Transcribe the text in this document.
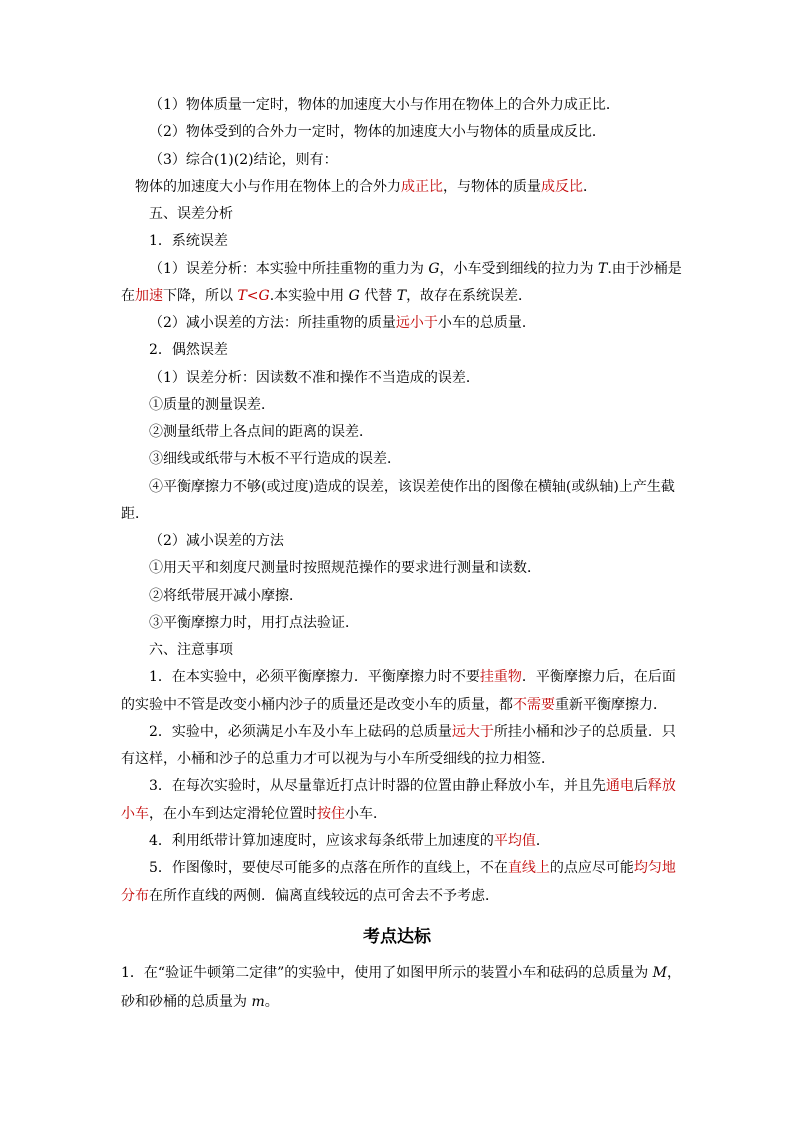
（1）物体质量一定时，物体的加速度大小与作用在物体上的合外力成正比．
（2）物体受到的合外力一定时，物体的加速度大小与物体的质量成反比．
（3）综合(1)(2)结论，则有：
物体的加速度大小与作用在物体上的合外力成正比，与物体的质量成反比．
五、误差分析
1．系统误差
（1）误差分析：本实验中所挂重物的重力为 G，小车受到细线的拉力为 T.由于沙桶是
在加速下降，所以 T<G.本实验中用 G 代替 T，故存在系统误差．
（2）减小误差的方法：所挂重物的质量远小于小车的总质量．
2．偶然误差
（1）误差分析：因读数不准和操作不当造成的误差．
①质量的测量误差．
②测量纸带上各点间的距离的误差．
③细线或纸带与木板不平行造成的误差．
④平衡摩擦力不够(或过度)造成的误差，该误差使作出的图像在横轴(或纵轴)上产生截
距．
（2）减小误差的方法
①用天平和刻度尺测量时按照规范操作的要求进行测量和读数．
②将纸带展开减小摩擦．
③平衡摩擦力时，用打点法验证．
六、注意事项
1．在本实验中，必须平衡摩擦力．平衡摩擦力时不要挂重物．平衡摩擦力后，在后面
的实验中不管是改变小桶内沙子的质量还是改变小车的质量，都不需要重新平衡摩擦力．
2．实验中，必须满足小车及小车上砝码的总质量远大于所挂小桶和沙子的总质量．只
有这样，小桶和沙子的总重力才可以视为与小车所受细线的拉力相签．
3．在每次实验时，从尽量靠近打点计时器的位置由静止释放小车，并且先通电后释放
小车，在小车到达定滑轮位置时按住小车．
4．利用纸带计算加速度时，应该求每条纸带上加速度的平均值．
5．作图像时，要使尽可能多的点落在所作的直线上，不在直线上的点应尽可能均匀地
分布在所作直线的两侧．偏离直线较远的点可舍去不予考虑．
考点达标
1．在“验证牛顿第二定律”的实验中，使用了如图甲所示的装置小车和砝码的总质量为 M，
砂和砂桶的总质量为 m。
